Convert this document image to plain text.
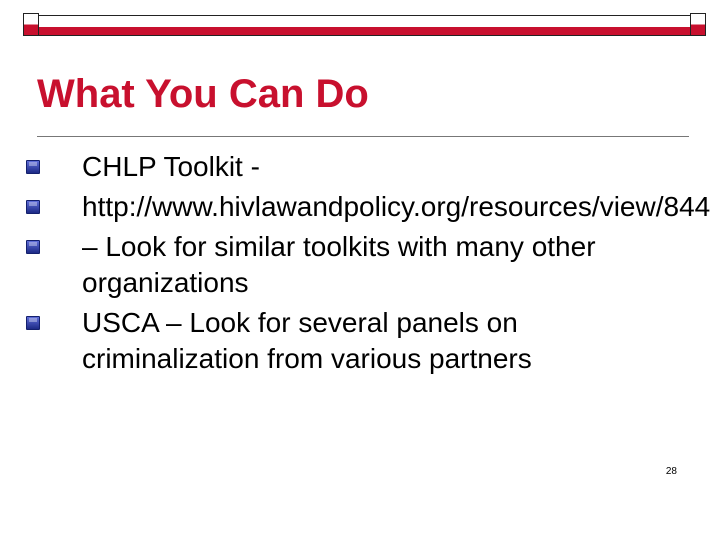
What You Can Do
CHLP Toolkit -
http://www.hivlawandpolicy.org/resources/view/844
– Look for similar toolkits with many other organizations
USCA – Look for several panels on criminalization from various partners
28
